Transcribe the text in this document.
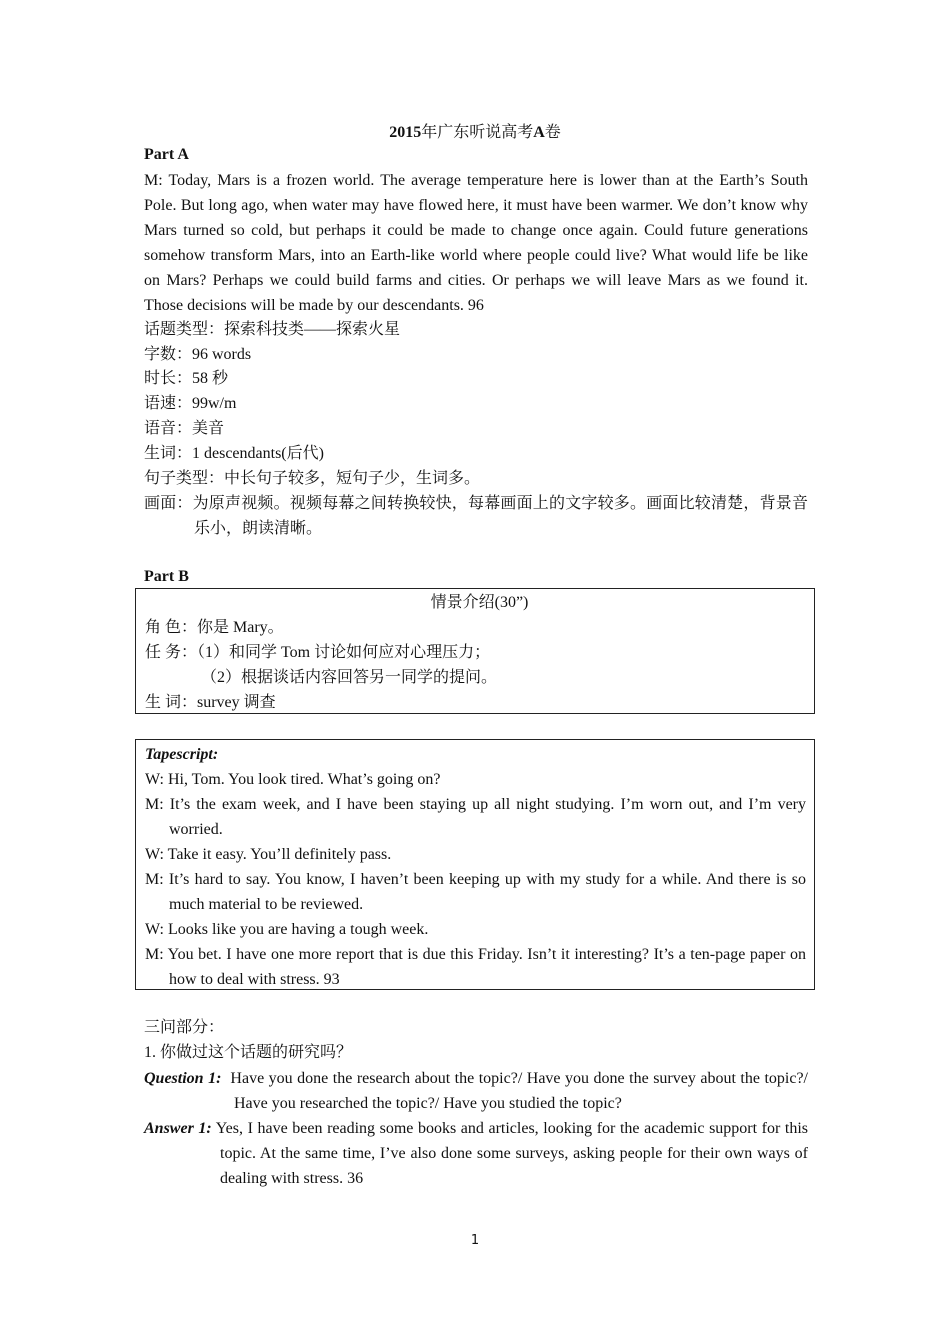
2015年广东听说高考A卷
Part A
M: Today, Mars is a frozen world. The average temperature here is lower than at the Earth’s South Pole. But long ago, when water may have flowed here, it must have been warmer. We don’t know why Mars turned so cold, but perhaps it could be made to change once again. Could future generations somehow transform Mars, into an Earth-like world where people could live? What would life be like on Mars? Perhaps we could build farms and cities. Or perhaps we will leave Mars as we found it. Those decisions will be made by our descendants. 96
话题类型：探索科技类——探索火星
字数：96 words
时长：58 秒
语速：99w/m
语音：美音
生词：1 descendants(后代)
句子类型：中长句子较多，短句子少，生词多。
画面：为原声视频。视频每幕之间转换较快，每幕画面上的文字较多。画面比较清楚，背景音乐小，朗读清晰。
Part B
情景介绍(30”)
角 色：你是 Mary。
任 务：（1）和同学 Tom 讨论如何应对心理压力；
（2）根据谈话内容回答另一同学的提问。
生 词：survey 调查
Tapescript:
W: Hi, Tom. You look tired. What’s going on?
M: It’s the exam week, and I have been staying up all night studying. I’m worn out, and I’m very worried.
W: Take it easy. You’ll definitely pass.
M: It’s hard to say. You know, I haven’t been keeping up with my study for a while. And there is so much material to be reviewed.
W: Looks like you are having a tough week.
M: You bet. I have one more report that is due this Friday. Isn’t it interesting? It’s a ten-page paper on how to deal with stress. 93
三问部分：
1. 你做过这个话题的研究吗？
Question 1: Have you done the research about the topic?/ Have you done the survey about the topic?/ Have you researched the topic?/ Have you studied the topic?
Answer 1: Yes, I have been reading some books and articles, looking for the academic support for this topic. At the same time, I’ve also done some surveys, asking people for their own ways of dealing with stress. 36
1
